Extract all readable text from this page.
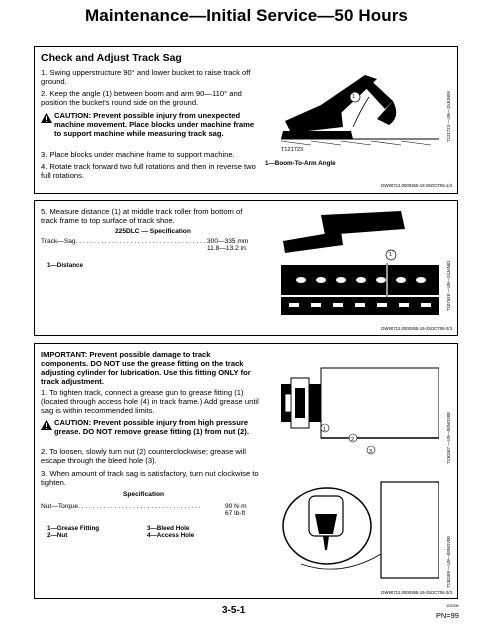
Maintenance—Initial Service—50 Hours
Check and Adjust Track Sag
1. Swing upperstructure 90° and lower bucket to raise track off ground.
2. Keep the angle (1) between boom and arm 90—110° and position the bucket's round side on the ground.
CAUTION: Prevent possible injury from unexpected machine movement. Place blocks under machine frame to support machine while measuring track sag.
3. Place blocks under machine frame to support machine.
4. Rotate track forward two full rotations and then in reverse two full rotations.
1
T121723
T121723 —UN—15JUN99
1—Boom-To-Arm Angle
DW90712,0000365-19-25OCT06-1/3
5. Measure distance (1) at middle track roller from bottom of track frame to top surface of track shoe.
225DLC — Specification
Track—Sag. . . . . . . . . . . . . . . . . . . . . . . . . . . . . . . . . . . . 300—335 mm
11.8—13.2 in.
1—Distance
1
T107528 —UN—24JAN01
DW90712,0000365-19-25OCT06-2/3
IMPORTANT: Prevent possible damage to track components. DO NOT use the grease fitting on the track adjusting cylinder for lubrication. Use this fitting ONLY for track adjustment.
1. To tighten track, connect a grease gun to grease fitting (1) (located through access hole (4) in track frame.) Add grease until sag is within recommended limits.
CAUTION: Prevent possible injury from high pressure grease. DO NOT remove grease fitting (1) from nut (2).
2. To loosen, slowly turn nut (2) counterclockwise; grease will escape through the bleed hole (3).
3. When amount of track sag is satisfactory, turn nut clockwise to tighten.
Specification
Nut—Torque. . . . . . . . . . . . . . . . . . . . . . . . . . . . . . . . . .	90 N·m
67 lb-ft
1—Grease Fitting
2—Nut
3—Bleed Hole
4—Access Hole
1
2
3	T130187 —UN—09NOV00
T130189 —UN—09NOV00
DW90712,0000365-19-25OCT06-3/3
3-5-1	102005
PN=99
